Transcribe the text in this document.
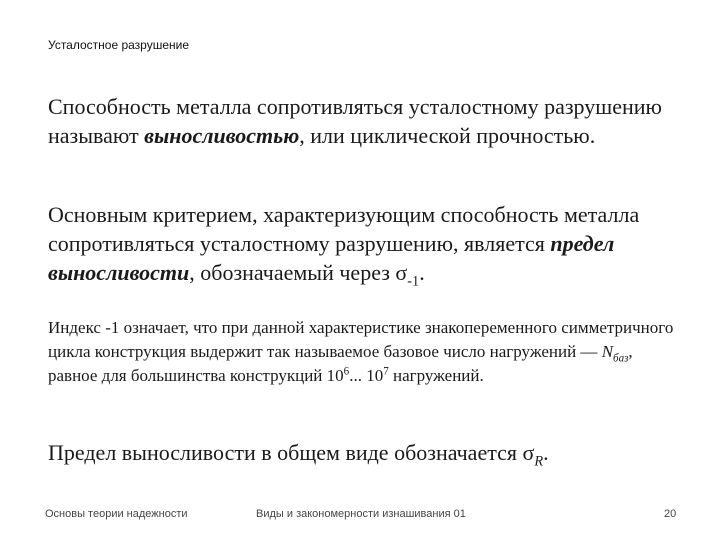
Усталостное разрушение
Способность металла сопротивляться усталостному разрушению называют выносливостью, или циклической прочностью.
Основным критерием, характеризующим способность металла сопротивляться усталостному разрушению, является предел выносливости, обозначаемый через $\sigma_{-1}$.
Индекс -1 означает, что при данной характеристике знакопеременного симметричного цикла конструкция выдержит так называемое базовое число нагружений — $N_{баз}$, равное для большинства конструкций $10^6$... $10^7$ нагружений.
Предел выносливости в общем виде обозначается $\sigma_R$.
Основы теории надежности	Виды и закономерности изнашивания 01	20
